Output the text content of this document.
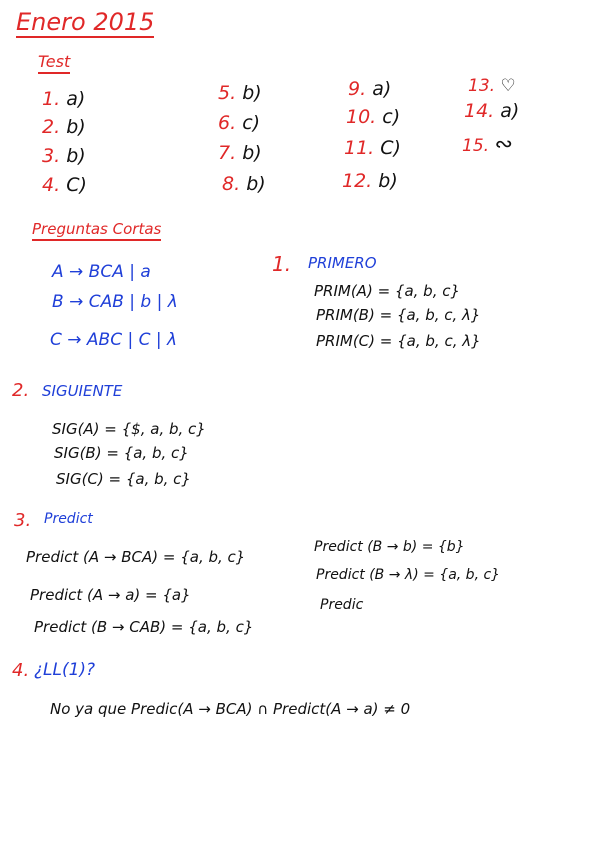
Enero 2015
Test
1. a)
2. b)
3. b)
4. C)
5. b)
6. c)
7. b)
8. b)
9. a)
10. c)
11. C)
12. b)
13. ♡
14. a)
15. ∾
Preguntas Cortas
A → BCA | a
B → CAB | b | λ
C → ABC | C | λ
1. PRIMERO
PRIM(A) = {a, b, c}
PRIM(B) = {a, b, c, λ}
PRIM(C) = {a, b, c, λ}
2. SIGUIENTE
SIG(A) = {$, a, b, c}
SIG(B) = {a, b, c}
SIG(C) = {a, b, c}
3. Predict
Predict (A → BCA) = {a, b, c}
Predict (A → a) = {a}
Predict (B → CAB) = {a, b, c}
Predict (B → b) = {b}
Predict (B → λ) = {a, b, c}
Predic
4. ¿LL(1)?
No ya que Predic(A → BCA) ∩ Predict(A → a) ≠ 0
